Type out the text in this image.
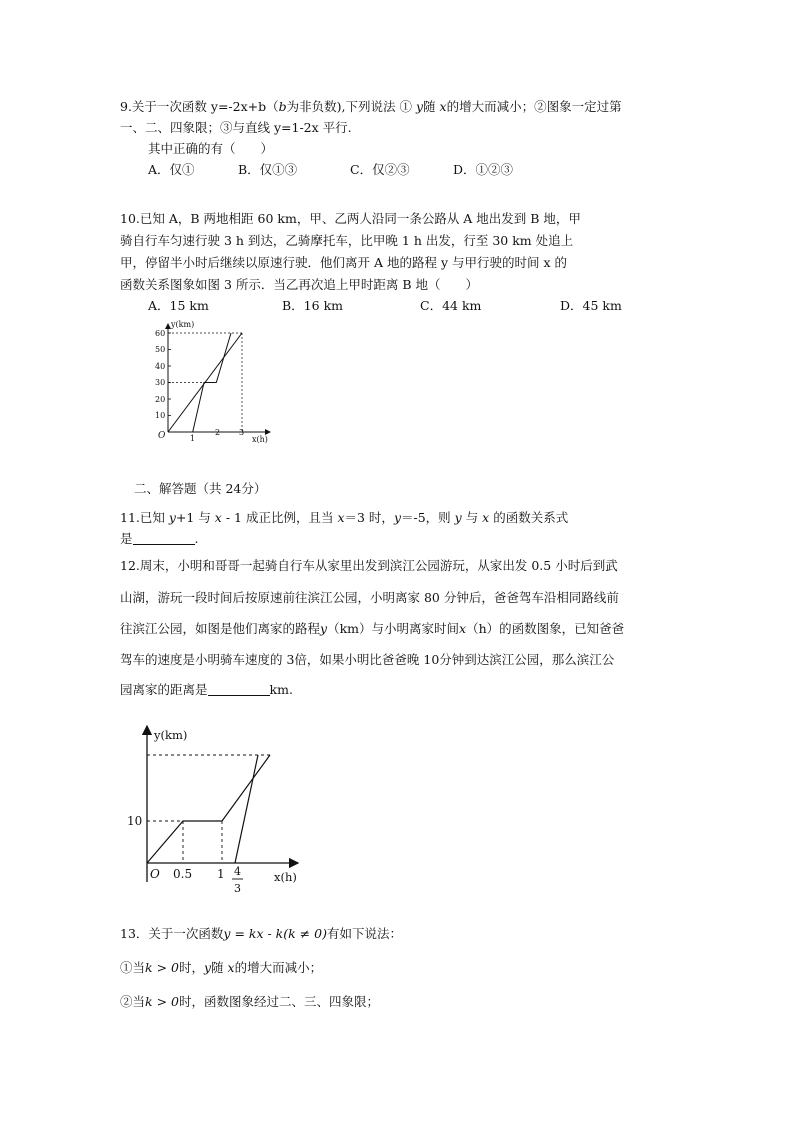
9.关于一次函数 y=-2x+b（b为非负数),下列说法 ① y随 x的增大而减小；②图象一定过第
一、二、四象限；③与直线 y=1-2x 平行.
其中正确的有（　　）
A．仅①	B．仅①③	C．仅②③	D．①②③
10.已知 A，B 两地相距 60 km，甲、乙两人沿同一条公路从 A 地出发到 B 地，甲
骑自行车匀速行驶 3 h 到达，乙骑摩托车，比甲晚 1 h 出发，行至 30 km 处追上
甲，停留半小时后继续以原速行驶．他们离开 A 地的路程 y 与甲行驶的时间 x 的
函数关系图象如图 3 所示．当乙再次追上甲时距离 B 地（　　）
A．15 km	B．16 km	C．44 km	D．45 km
y(km)
x(h)
O
10
20
30
40
50
60
1
2 3
二、解答题（共 24分）
11.已知 y+1 与 x - 1 成正比例，且当 x＝3 时，y＝-5，则 y 与 x 的函数关系式
是	.
12.周末，小明和哥哥一起骑自行车从家里出发到滨江公园游玩，从家出发 0.5 小时后到武
山湖，游玩一段时间后按原速前往滨江公园，小明离家 80 分钟后，爸爸驾车沿相同路线前
往滨江公园，如图是他们离家的路程y（km）与小明离家时间x（h）的函数图象，已知爸爸
驾车的速度是小明骑车速度的 3倍，如果小明比爸爸晚 10分钟到达滨江公园，那么滨江公
园离家的距离是	km.
y(km)
x(h)
O
10
0.5 1 4
3
13．关于一次函数y = kx - k(k ≠ 0)有如下说法：
①当k > 0时，y随 x的增大而减小；
②当k > 0时，函数图象经过二、三、四象限；
